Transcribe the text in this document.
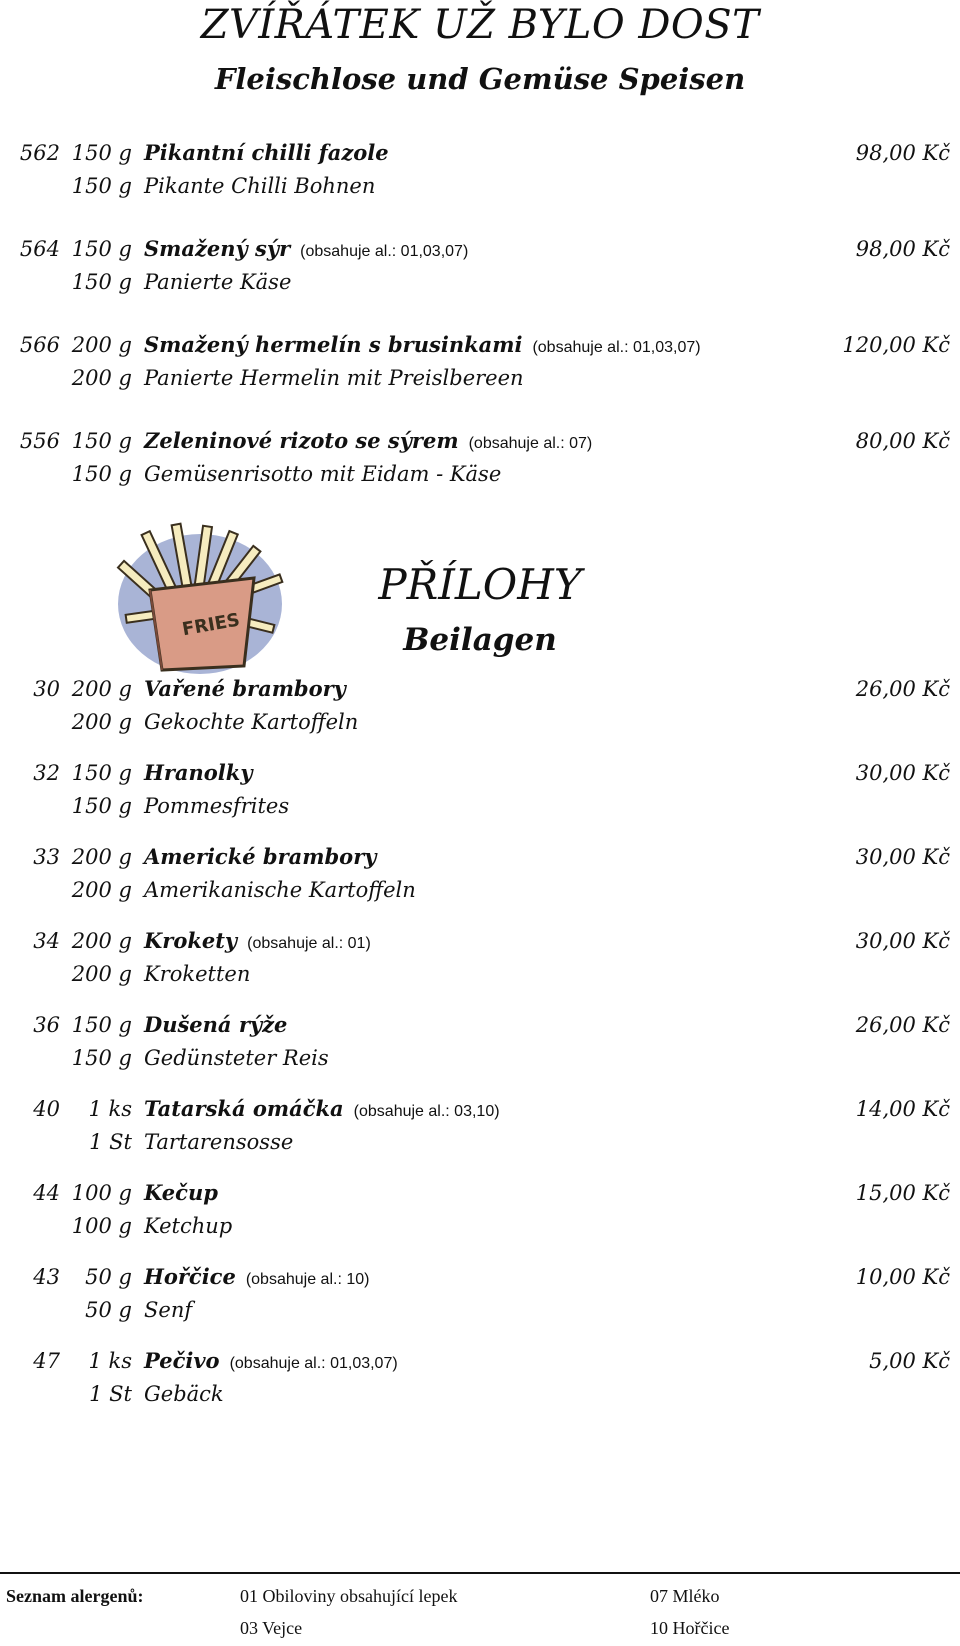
ZVÍŘÁTEK UŽ BYLO DOST
Fleischlose und Gemüse Speisen
562 150 g Pikantní chilli fazole	98,00 Kč
150 g Pikante Chilli Bohnen
564 150 g Smažený sýr (obsahuje al.: 01,03,07)	98,00 Kč
150 g Panierte Käse
566 200 g Smažený hermelín s brusinkami (obsahuje al.: 01,03,07)	120,00 Kč
200 g Panierte Hermelin mit Preislbereen
556 150 g Zeleninové rizoto se sýrem (obsahuje al.: 07)	80,00 Kč
150 g Gemüsenrisotto mit Eidam - Käse
FRIES
PŘÍLOHY
Beilagen
30 200 g Vařené brambory	26,00 Kč
200 g Gekochte Kartoffeln
32 150 g Hranolky	30,00 Kč
150 g Pommesfrites
33 200 g Americké brambory	30,00 Kč
200 g Amerikanische Kartoffeln
34 200 g Krokety (obsahuje al.: 01)	30,00 Kč
200 g Kroketten
36 150 g Dušená rýže	26,00 Kč
150 g Gedünsteter Reis
40	1 ks Tatarská omáčka (obsahuje al.: 03,10)	14,00 Kč
1 St Tartarensosse
44 100 g Kečup	15,00 Kč
100 g Ketchup
43	50 g Hořčice (obsahuje al.: 10)	10,00 Kč
50 g Senf
47	1 ks Pečivo (obsahuje al.: 01,03,07)	5,00 Kč
1 St Gebäck
Seznam alergenů:	01 Obiloviny obsahující lepek	07 Mléko
03 Vejce	10 Hořčice
